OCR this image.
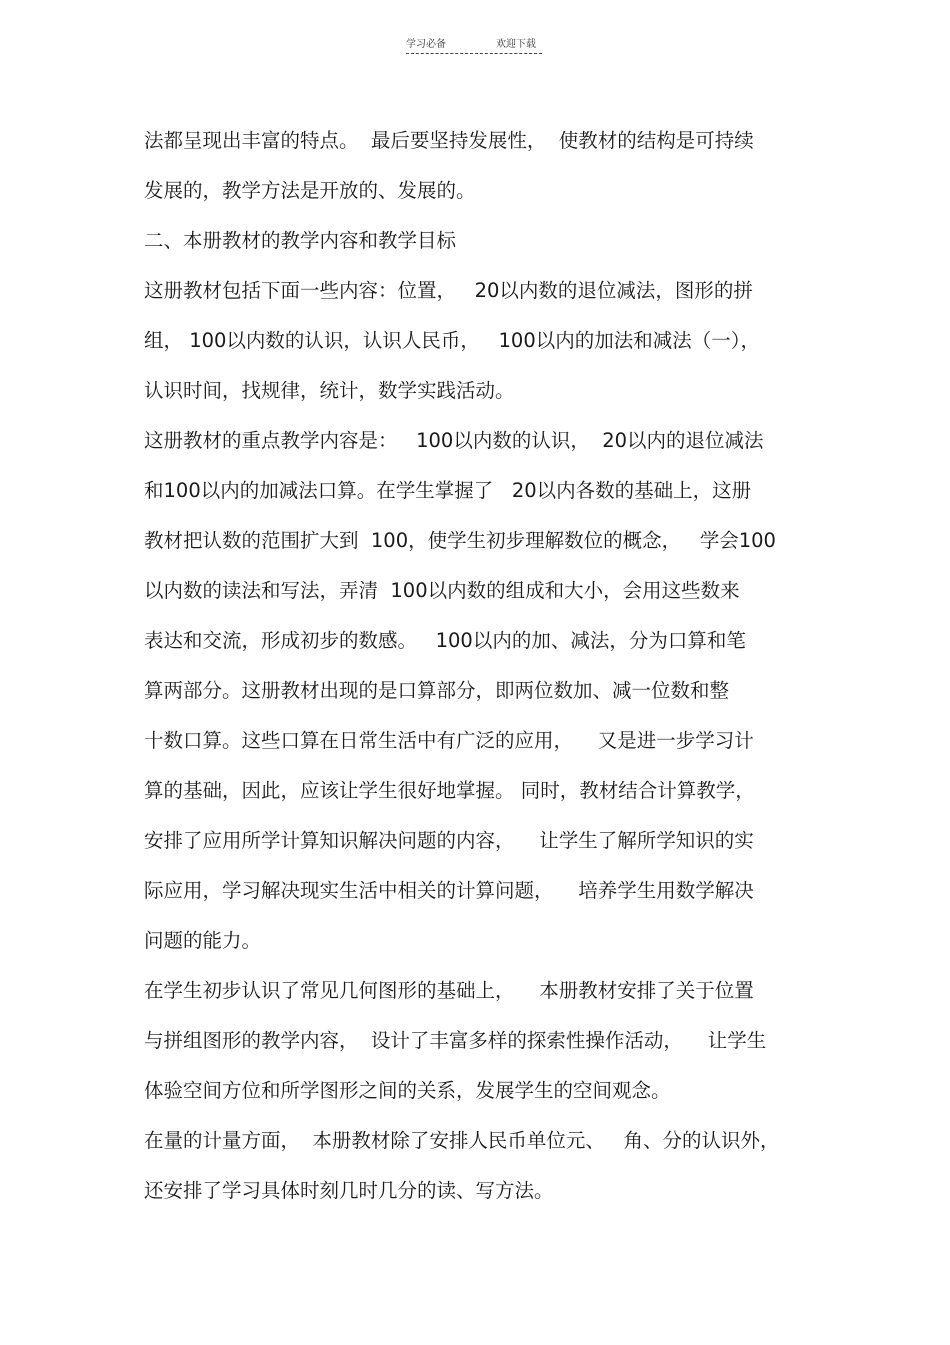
学习必备	欢迎下载
法都呈现出丰富的特点。  最后要坚持发展性，  使教材的结构是可持续
发展的，教学方法是开放的、发展的。
二、本册教材的教学内容和教学目标
这册教材包括下面一些内容：位置，   20以内数的退位减法，图形的拼
组， 100以内数的认识，认识人民币，   100以内的加法和减法（一），
认识时间，找规律，统计，数学实践活动。
这册教材的重点教学内容是：   100以内数的认识，  20以内的退位减法
和100以内的加减法口算。在学生掌握了   20以内各数的基础上，这册
教材把认数的范围扩大到  100，使学生初步理解数位的概念，   学会100
以内数的读法和写法，弄清  100以内数的组成和大小，会用这些数来
表达和交流，形成初步的数感。   100以内的加、减法，分为口算和笔
算两部分。这册教材出现的是口算部分，即两位数加、减一位数和整
十数口算。这些口算在日常生活中有广泛的应用，    又是进一步学习计
算的基础，因此，应该让学生很好地掌握。 同时，教材结合计算教学，
安排了应用所学计算知识解决问题的内容，    让学生了解所学知识的实
际应用，学习解决现实生活中相关的计算问题，    培养学生用数学解决
问题的能力。
在学生初步认识了常见几何图形的基础上，    本册教材安排了关于位置
与拼组图形的教学内容，  设计了丰富多样的探索性操作活动，    让学生
体验空间方位和所学图形之间的关系，发展学生的空间观念。
在量的计量方面，  本册教材除了安排人民币单位元、   角、分的认识外，
还安排了学习具体时刻几时几分的读、写方法。
